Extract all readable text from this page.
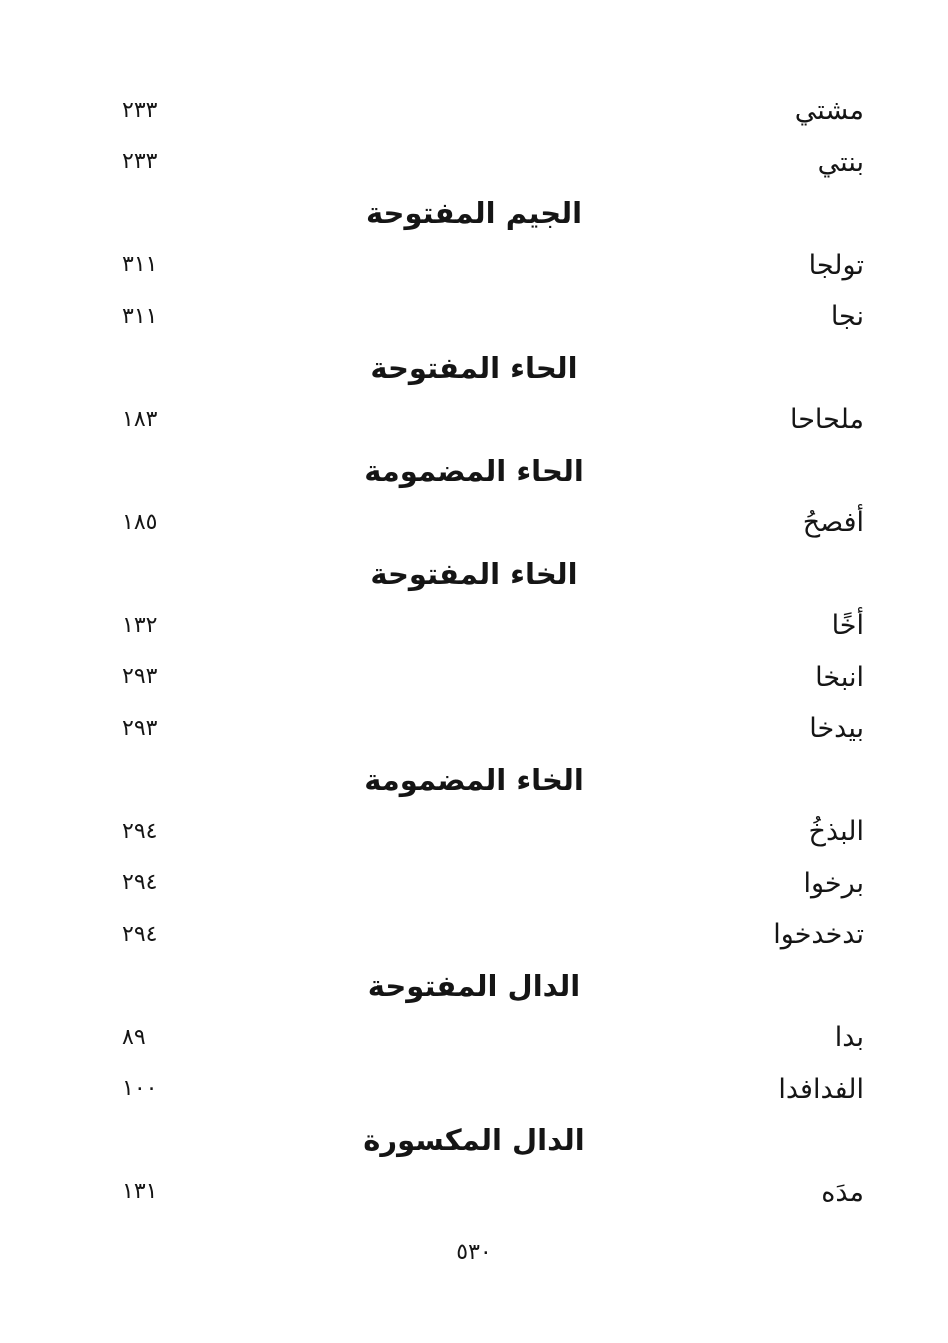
مشتي
٢٣٣
بنتي
٢٣٣
الجيم المفتوحة
تولجا
٣١١
نجا
٣١١
الحاء المفتوحة
ملحاحا
١٨٣
الحاء المضمومة
أفصحُ
١٨٥
الخاء المفتوحة
أخًا
١٣٢
انبخا
٢٩٣
بيدخا
٢٩٣
الخاء المضمومة
البذخُ
٢٩٤
برخوا
٢٩٤
تدخدخوا
٢٩٤
الدال المفتوحة
بدا
٨٩
الفدافدا
١٠٠
الدال المكسورة
مدَه
١٣١
٥٣٠
